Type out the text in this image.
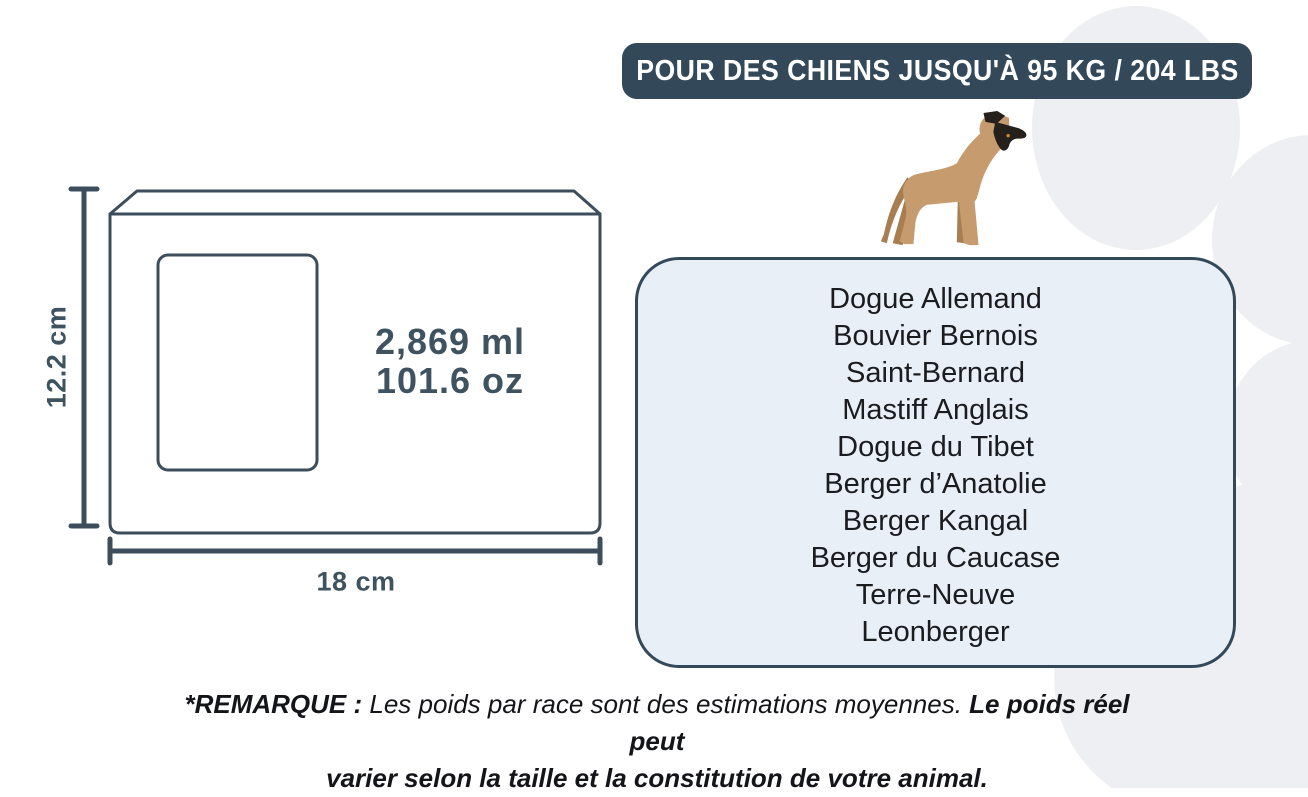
POUR DES CHIENS JUSQU'À 95 KG / 204 LBS
2,869 ml
101.6 oz
12.2 cm
18 cm
Dogue Allemand
Bouvier Bernois
Saint-Bernard
Mastiff Anglais
Dogue du Tibet
Berger d’Anatolie
Berger Kangal
Berger du Caucase
Terre-Neuve
Leonberger
*REMARQUE : Les poids par race sont des estimations moyennes. Le poids réel peut
varier selon la taille et la constitution de votre animal.
